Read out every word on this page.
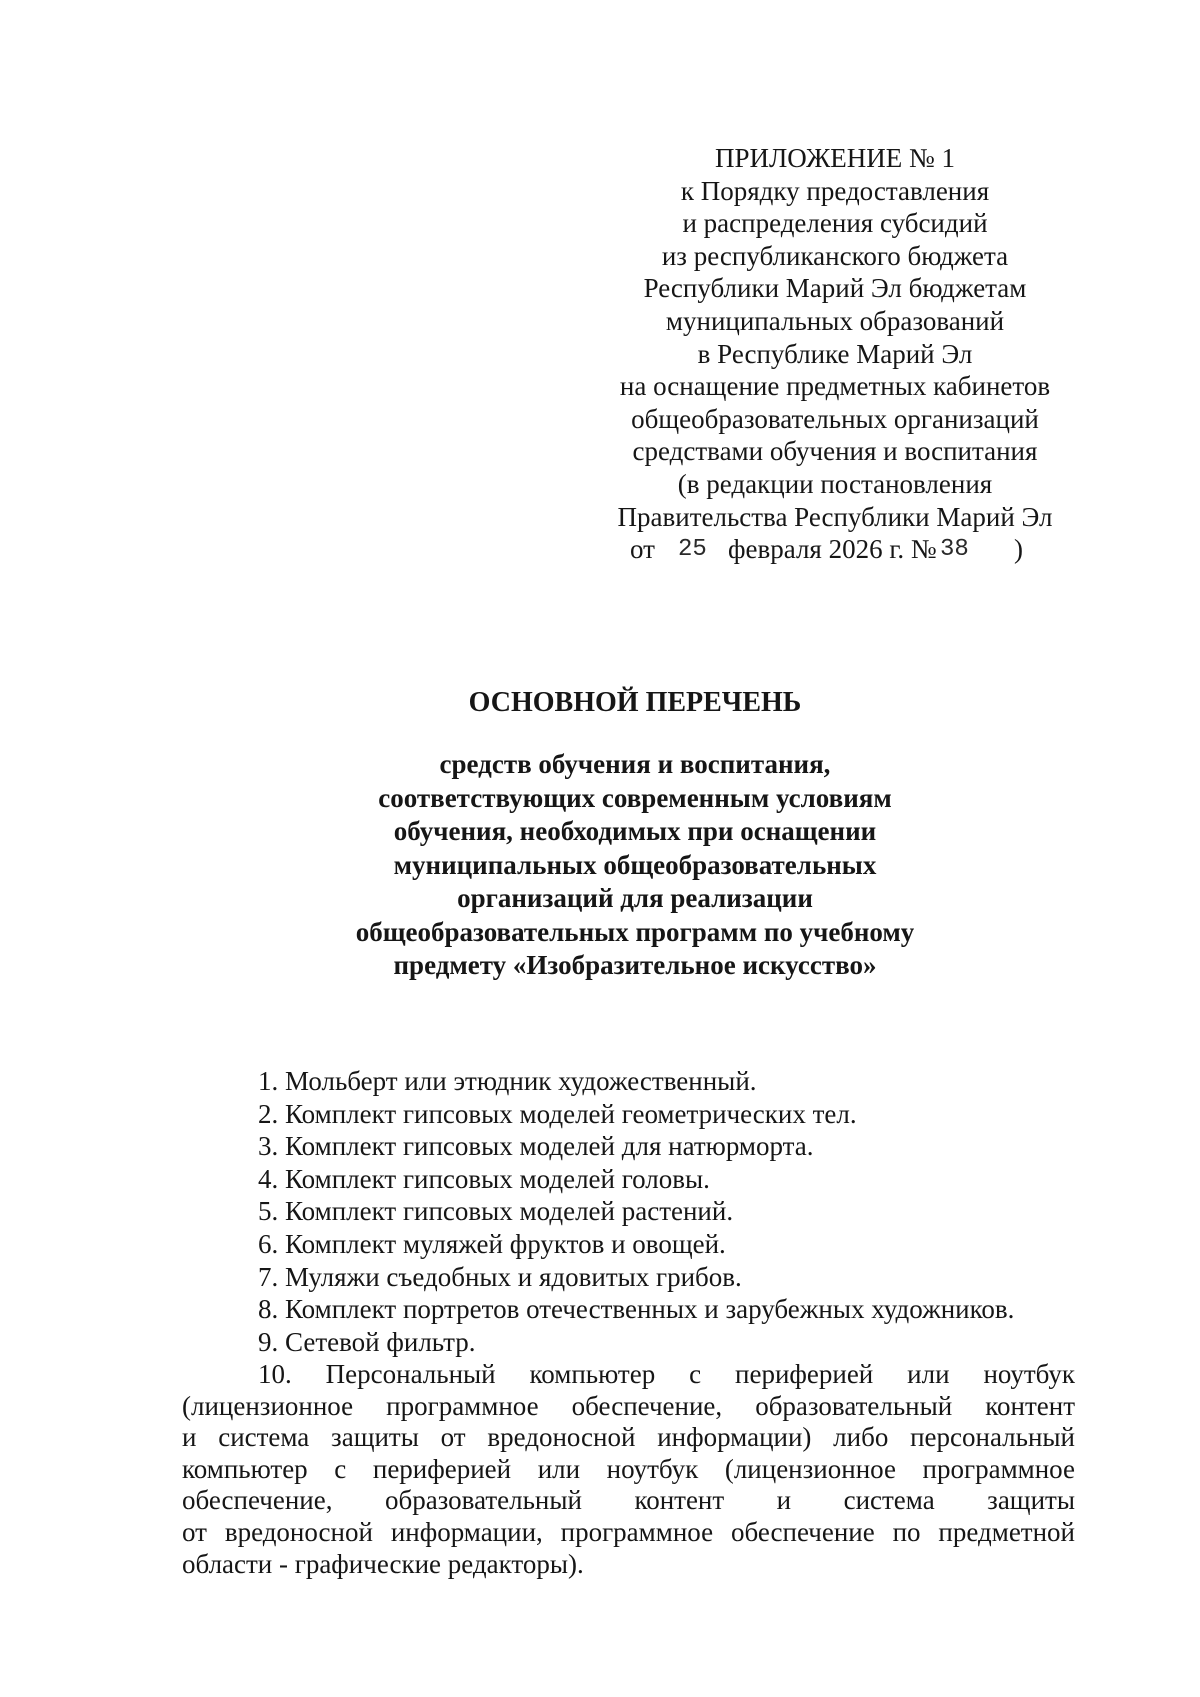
ПРИЛОЖЕНИЕ № 1
к Порядку предоставления
и распределения субсидий
из республиканского бюджета
Республики Марий Эл бюджетам
муниципальных образований
в Республике Марий Эл
на оснащение предметных кабинетов
общеобразовательных организаций
средствами обучения и воспитания
(в редакции постановления
Правительства Республики Марий Эл
от 25 февраля 2026 г. № 38 )
ОСНОВНОЙ ПЕРЕЧЕНЬ
средств обучения и воспитания,
соответствующих современным условиям
обучения, необходимых при оснащении
муниципальных общеобразовательных
организаций для реализации
общеобразовательных программ по учебному
предмету «Изобразительное искусство»
1. Мольберт или этюдник художественный.
2. Комплект гипсовых моделей геометрических тел.
3. Комплект гипсовых моделей для натюрморта.
4. Комплект гипсовых моделей головы.
5. Комплект гипсовых моделей растений.
6. Комплект муляжей фруктов и овощей.
7. Муляжи съедобных и ядовитых грибов.
8. Комплект портретов отечественных и зарубежных художников.
9. Сетевой фильтр.
10. Персональный компьютер с периферией или ноутбук
(лицензионное программное обеспечение, образовательный контент
и система защиты от вредоносной информации) либо персональный
компьютер с периферией или ноутбук (лицензионное программное
обеспечение, образовательный контент и система защиты
от вредоносной информации, программное обеспечение по предметной
области - графические редакторы).
